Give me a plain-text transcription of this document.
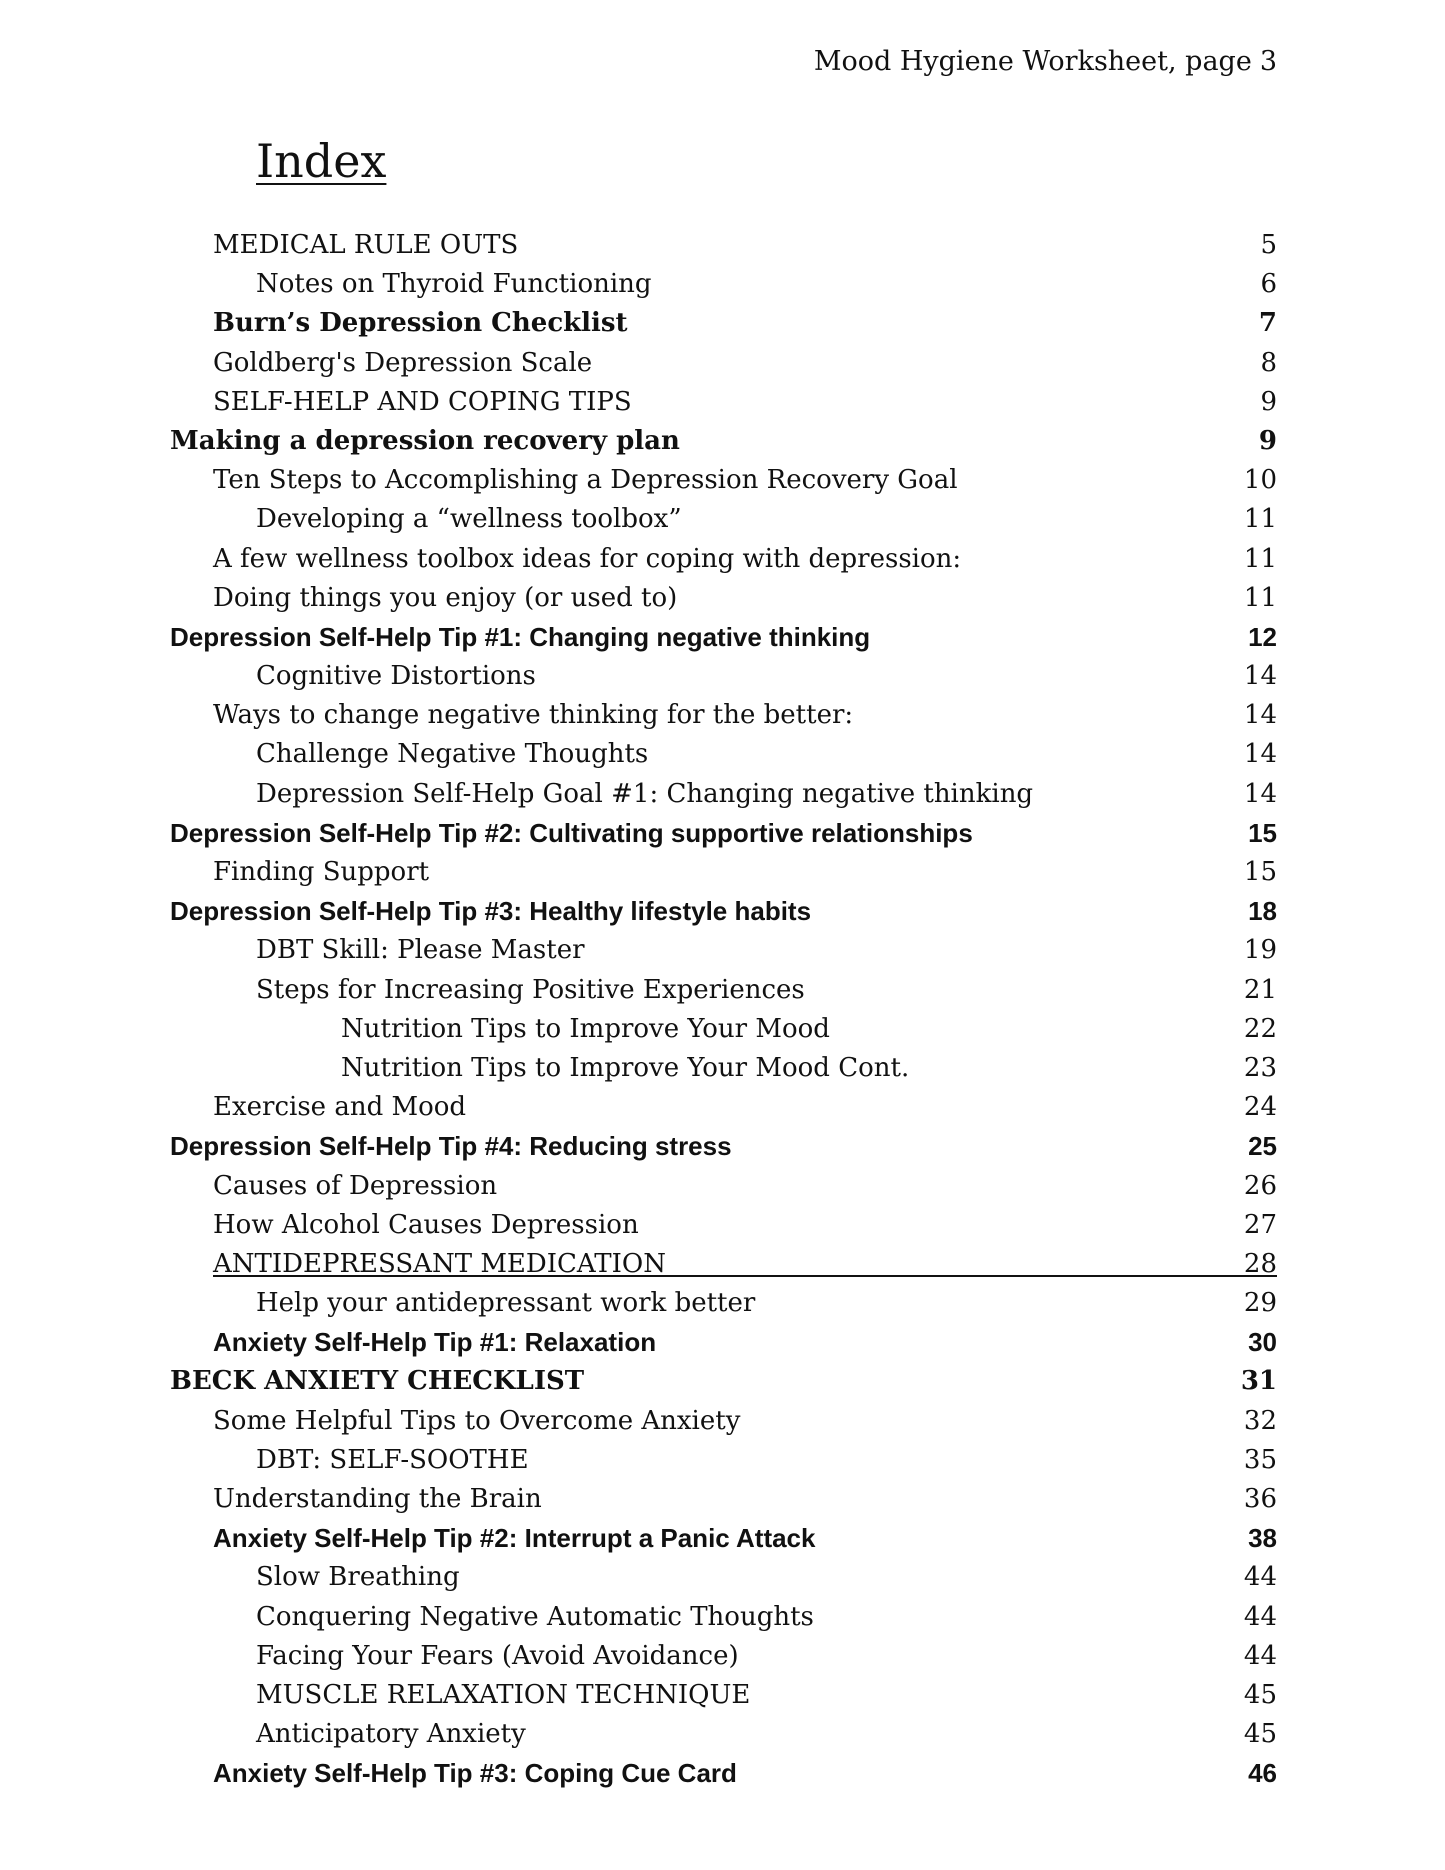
Mood Hygiene Worksheet, page 3
Index
MEDICAL RULE OUTS	5
Notes on Thyroid Functioning	6
Burn’s Depression Checklist	7
Goldberg's Depression Scale	8
SELF-HELP AND COPING TIPS	9
Making a depression recovery plan	9
Ten Steps to Accomplishing a Depression Recovery Goal	10
Developing a “wellness toolbox”	11
A few wellness toolbox ideas for coping with depression:	11
Doing things you enjoy (or used to)	11
Depression Self-Help Tip #1: Changing negative thinking	12
Cognitive Distortions	14
Ways to change negative thinking for the better:	14
Challenge Negative Thoughts	14
Depression Self-Help Goal #1: Changing negative thinking	14
Depression Self-Help Tip #2: Cultivating supportive relationships	15
Finding Support	15
Depression Self-Help Tip #3: Healthy lifestyle habits	18
DBT Skill: Please Master	19
Steps for Increasing Positive Experiences	21
Nutrition Tips to Improve Your Mood	22
Nutrition Tips to Improve Your Mood Cont.	23
Exercise and Mood	24
Depression Self-Help Tip #4: Reducing stress	25
Causes of Depression	26
How Alcohol Causes Depression	27
ANTIDEPRESSANT MEDICATION	28
Help your antidepressant work better	29
Anxiety Self-Help Tip #1: Relaxation	30
BECK ANXIETY CHECKLIST	31
Some Helpful Tips to Overcome Anxiety	32
DBT: SELF-SOOTHE	35
Understanding the Brain	36
Anxiety Self-Help Tip #2: Interrupt a Panic Attack	38
Slow Breathing	44
Conquering Negative Automatic Thoughts	44
Facing Your Fears (Avoid Avoidance)	44
MUSCLE RELAXATION TECHNIQUE	45
Anticipatory Anxiety	45
Anxiety Self-Help Tip #3: Coping Cue Card	46
